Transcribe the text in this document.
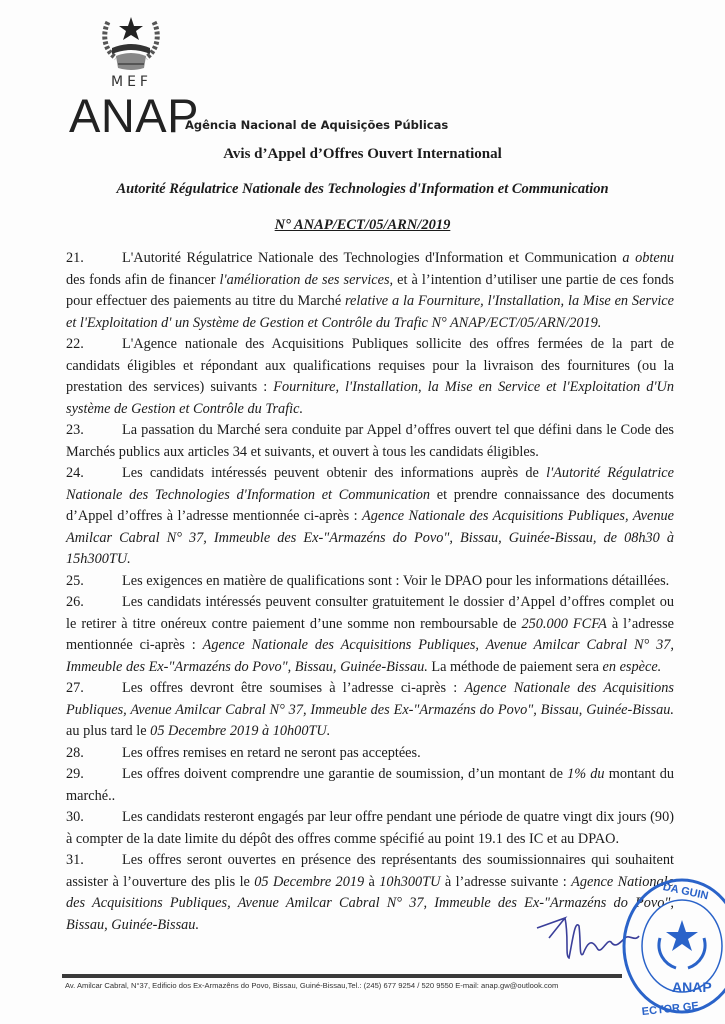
MEF
ANAP
Agência Nacional de Aquisições Públicas
Avis d’Appel d’Offres Ouvert International
Autorité Régulatrice Nationale des Technologies d'Information et Communication
N° ANAP/ECT/05/ARN/2019

21.	L'Autorité Régulatrice Nationale des Technologies d'Information et Communication a obtenu des fonds afin de financer l'amélioration de ses services, et à l’intention d’utiliser une partie de ces fonds pour effectuer des paiements au titre du Marché relative a la Fourniture, l'Installation, la Mise en Service et l'Exploitation d' un Système de Gestion et Contrôle du Trafic N° ANAP/ECT/05/ARN/2019.

22.	L'Agence nationale des Acquisitions Publiques sollicite des offres fermées de la part de candidats éligibles et répondant aux qualifications requises pour la livraison des fournitures (ou la prestation des services) suivants : Fourniture, l'Installation, la Mise en Service et l'Exploitation d'Un système de Gestion et Contrôle du Trafic.

23.	La passation du Marché sera conduite par Appel d’offres ouvert tel que défini dans le Code des Marchés publics aux articles 34 et suivants, et ouvert à tous les candidats éligibles.

24.	Les candidats intéressés peuvent obtenir des informations auprès de l'Autorité Régulatrice Nationale des Technologies d'Information et Communication et prendre connaissance des documents d’Appel d’offres à l’adresse mentionnée ci-après : Agence Nationale des Acquisitions Publiques, Avenue Amilcar Cabral N° 37, Immeuble des Ex-"Armazéns do Povo", Bissau, Guinée-Bissau, de 08h30 à 15h300TU.

25.	Les exigences en matière de qualifications sont : Voir le DPAO pour les informations détaillées.

26.	Les candidats intéressés peuvent consulter gratuitement le dossier d’Appel d’offres complet ou le retirer à titre onéreux contre paiement d’une somme non remboursable de 250.000 FCFA à l’adresse mentionnée ci-après : Agence Nationale des Acquisitions Publiques, Avenue Amilcar Cabral N° 37, Immeuble des Ex-"Armazéns do Povo", Bissau, Guinée-Bissau. La méthode de paiement sera en espèce.

27.	Les offres devront être soumises à l’adresse ci-après : Agence Nationale des Acquisitions Publiques, Avenue Amilcar Cabral N° 37, Immeuble des Ex-"Armazéns do Povo", Bissau, Guinée-Bissau. au plus tard le 05 Decembre 2019 à 10h00TU.

28.	Les offres remises en retard ne seront pas acceptées.

29.	Les offres doivent comprendre une garantie de soumission, d’un montant de 1% du montant du marché..

30.	Les candidats resteront engagés par leur offre pendant une période de quatre vingt dix jours (90) à compter de la date limite du dépôt des offres comme spécifié au point 19.1 des IC et au DPAO.

31.	Les offres seront ouvertes en présence des représentants des soumissionnaires qui souhaitent assister à l’ouverture des plis le 05 Decembre 2019 à 10h300TU à l’adresse suivante : Agence Nationale des Acquisitions Publiques, Avenue Amilcar Cabral N° 37, Immeuble des Ex-"Armazéns do Povo", Bissau, Guinée-Bissau.

DA GUIN
ANAP
ECTOR GE
Av. Amilcar Cabral, N°37, Edificio dos Ex-Armazêns do Povo, Bissau, Guiné-Bissau,Tel.: (245) 677 9254 / 520 9550 E-mail: anap.gw@outlook.com
